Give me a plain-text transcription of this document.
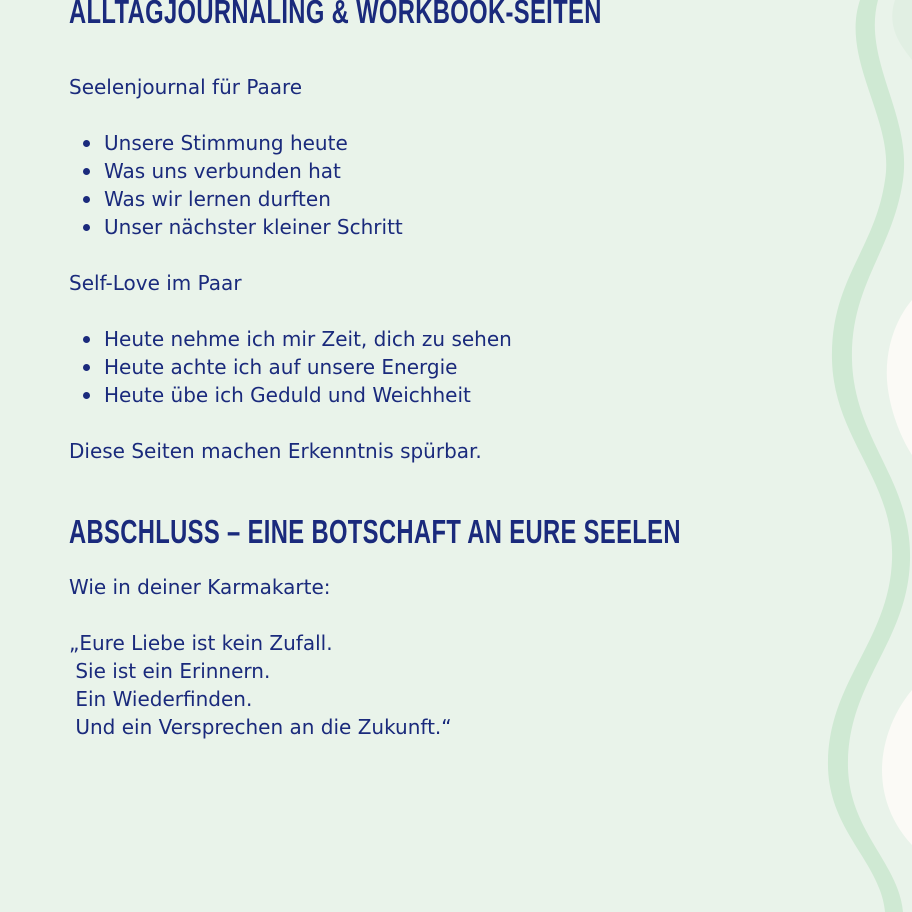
ALLTAGJOURNALING & WORKBOOK-SEITEN

Seelenjournal für Paare

Unsere Stimmung heute
Was uns verbunden hat
Was wir lernen durften
Unser nächster kleiner Schritt

Self-Love im Paar

Heute nehme ich mir Zeit, dich zu sehen
Heute achte ich auf unsere Energie
Heute übe ich Geduld und Weichheit

Diese Seiten machen Erkenntnis spürbar.

ABSCHLUSS – EINE BOTSCHAFT AN EURE SEELEN

Wie in deiner Karmakarte:

„Eure Liebe ist kein Zufall.
Sie ist ein Erinnern.
Ein Wiederfinden.
Und ein Versprechen an die Zukunft.“
